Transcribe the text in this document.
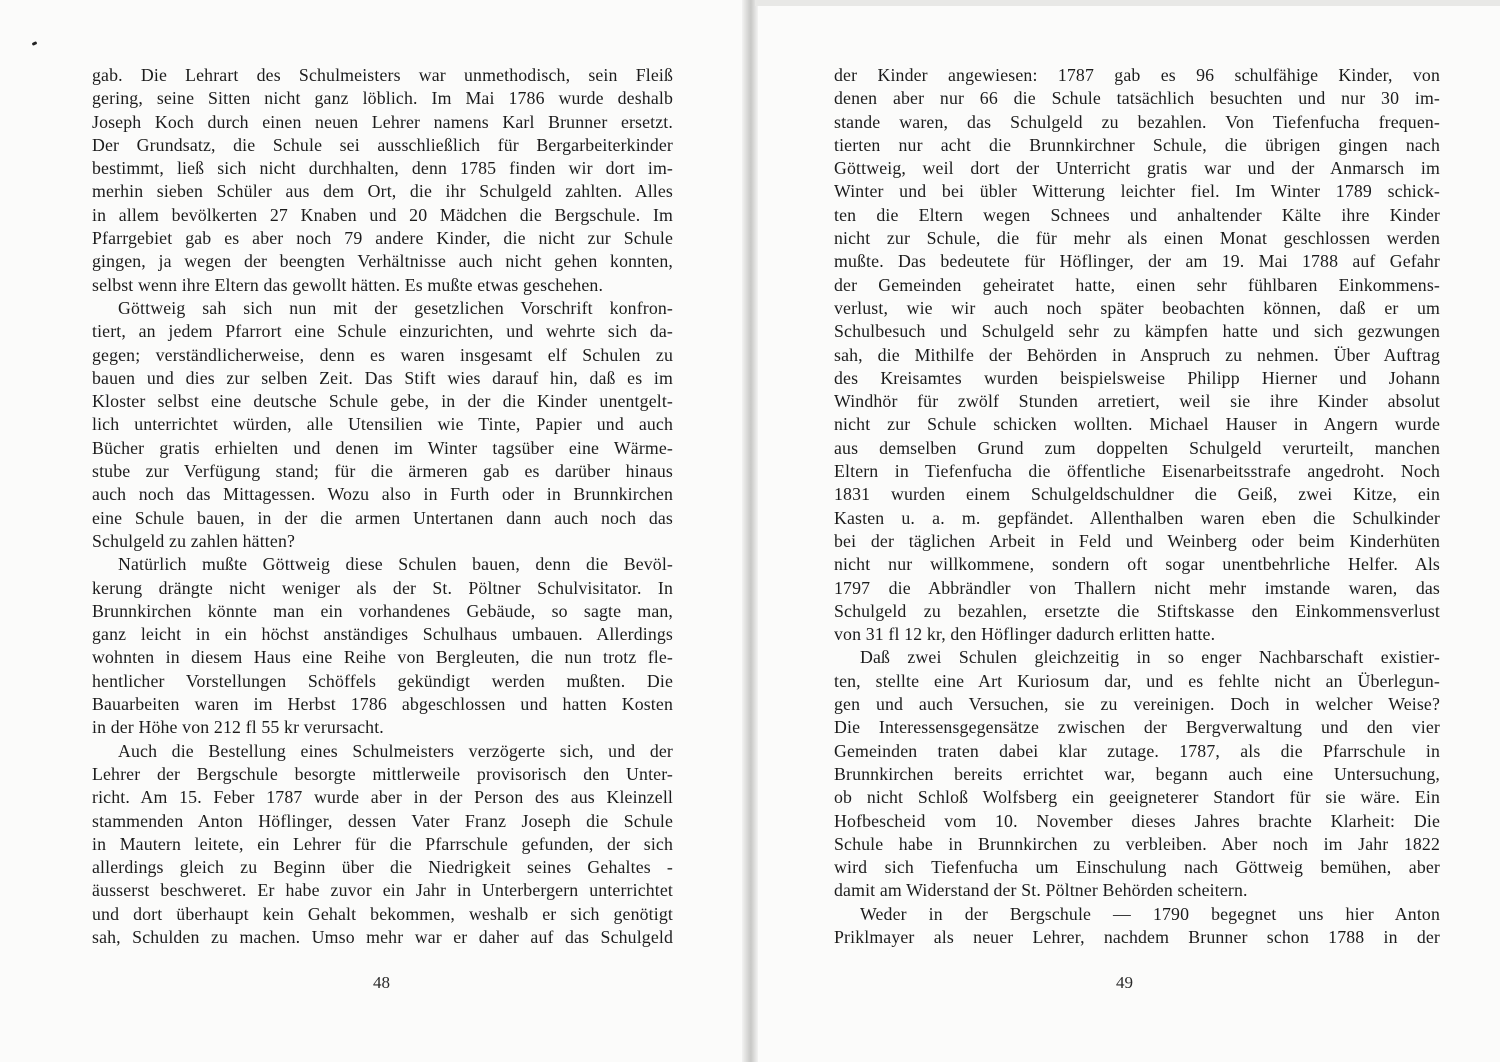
gab. Die Lehrart des Schulmeisters war unmethodisch, sein Fleiß
gering, seine Sitten nicht ganz löblich. Im Mai 1786 wurde deshalb
Joseph Koch durch einen neuen Lehrer namens Karl Brunner ersetzt.
Der Grundsatz, die Schule sei ausschließlich für Bergarbeiterkinder
bestimmt, ließ sich nicht durchhalten, denn 1785 finden wir dort im-
merhin sieben Schüler aus dem Ort, die ihr Schulgeld zahlten. Alles
in allem bevölkerten 27 Knaben und 20 Mädchen die Bergschule. Im
Pfarrgebiet gab es aber noch 79 andere Kinder, die nicht zur Schule
gingen, ja wegen der beengten Verhältnisse auch nicht gehen konnten,
selbst wenn ihre Eltern das gewollt hätten. Es mußte etwas geschehen.
Göttweig sah sich nun mit der gesetzlichen Vorschrift konfron-
tiert, an jedem Pfarrort eine Schule einzurichten, und wehrte sich da-
gegen; verständlicherweise, denn es waren insgesamt elf Schulen zu
bauen und dies zur selben Zeit. Das Stift wies darauf hin, daß es im
Kloster selbst eine deutsche Schule gebe, in der die Kinder unentgelt-
lich unterrichtet würden, alle Utensilien wie Tinte, Papier und auch
Bücher gratis erhielten und denen im Winter tagsüber eine Wärme-
stube zur Verfügung stand; für die ärmeren gab es darüber hinaus
auch noch das Mittagessen. Wozu also in Furth oder in Brunnkirchen
eine Schule bauen, in der die armen Untertanen dann auch noch das
Schulgeld zu zahlen hätten?
Natürlich mußte Göttweig diese Schulen bauen, denn die Bevöl-
kerung drängte nicht weniger als der St. Pöltner Schulvisitator. In
Brunnkirchen könnte man ein vorhandenes Gebäude, so sagte man,
ganz leicht in ein höchst anständiges Schulhaus umbauen. Allerdings
wohnten in diesem Haus eine Reihe von Bergleuten, die nun trotz fle-
hentlicher Vorstellungen Schöffels gekündigt werden mußten. Die
Bauarbeiten waren im Herbst 1786 abgeschlossen und hatten Kosten
in der Höhe von 212 fl 55 kr verursacht.
Auch die Bestellung eines Schulmeisters verzögerte sich, und der
Lehrer der Bergschule besorgte mittlerweile provisorisch den Unter-
richt. Am 15. Feber 1787 wurde aber in der Person des aus Kleinzell
stammenden Anton Höflinger, dessen Vater Franz Joseph die Schule
in Mautern leitete, ein Lehrer für die Pfarrschule gefunden, der sich
allerdings gleich zu Beginn über die Niedrigkeit seines Gehaltes -
äusserst beschweret. Er habe zuvor ein Jahr in Unterbergern unterrichtet
und dort überhaupt kein Gehalt bekommen, weshalb er sich genötigt
sah, Schulden zu machen. Umso mehr war er daher auf das Schulgeld
48
der Kinder angewiesen: 1787 gab es 96 schulfähige Kinder, von
denen aber nur 66 die Schule tatsächlich besuchten und nur 30 im-
stande waren, das Schulgeld zu bezahlen. Von Tiefenfucha frequen-
tierten nur acht die Brunnkirchner Schule, die übrigen gingen nach
Göttweig, weil dort der Unterricht gratis war und der Anmarsch im
Winter und bei übler Witterung leichter fiel. Im Winter 1789 schick-
ten die Eltern wegen Schnees und anhaltender Kälte ihre Kinder
nicht zur Schule, die für mehr als einen Monat geschlossen werden
mußte. Das bedeutete für Höflinger, der am 19. Mai 1788 auf Gefahr
der Gemeinden geheiratet hatte, einen sehr fühlbaren Einkommens-
verlust, wie wir auch noch später beobachten können, daß er um
Schulbesuch und Schulgeld sehr zu kämpfen hatte und sich gezwungen
sah, die Mithilfe der Behörden in Anspruch zu nehmen. Über Auftrag
des Kreisamtes wurden beispielsweise Philipp Hierner und Johann
Windhör für zwölf Stunden arretiert, weil sie ihre Kinder absolut
nicht zur Schule schicken wollten. Michael Hauser in Angern wurde
aus demselben Grund zum doppelten Schulgeld verurteilt, manchen
Eltern in Tiefenfucha die öffentliche Eisenarbeitsstrafe angedroht. Noch
1831 wurden einem Schulgeldschuldner die Geiß, zwei Kitze, ein
Kasten u. a. m. gepfändet. Allenthalben waren eben die Schulkinder
bei der täglichen Arbeit in Feld und Weinberg oder beim Kinderhüten
nicht nur willkommene, sondern oft sogar unentbehrliche Helfer. Als
1797 die Abbrändler von Thallern nicht mehr imstande waren, das
Schulgeld zu bezahlen, ersetzte die Stiftskasse den Einkommensverlust
von 31 fl 12 kr, den Höflinger dadurch erlitten hatte.
Daß zwei Schulen gleichzeitig in so enger Nachbarschaft existier-
ten, stellte eine Art Kuriosum dar, und es fehlte nicht an Überlegun-
gen und auch Versuchen, sie zu vereinigen. Doch in welcher Weise?
Die Interessensgegensätze zwischen der Bergverwaltung und den vier
Gemeinden traten dabei klar zutage. 1787, als die Pfarrschule in
Brunnkirchen bereits errichtet war, begann auch eine Untersuchung,
ob nicht Schloß Wolfsberg ein geeigneterer Standort für sie wäre. Ein
Hofbescheid vom 10. November dieses Jahres brachte Klarheit: Die
Schule habe in Brunnkirchen zu verbleiben. Aber noch im Jahr 1822
wird sich Tiefenfucha um Einschulung nach Göttweig bemühen, aber
damit am Widerstand der St. Pöltner Behörden scheitern.
Weder in der Bergschule — 1790 begegnet uns hier Anton
Priklmayer als neuer Lehrer, nachdem Brunner schon 1788 in der
49
